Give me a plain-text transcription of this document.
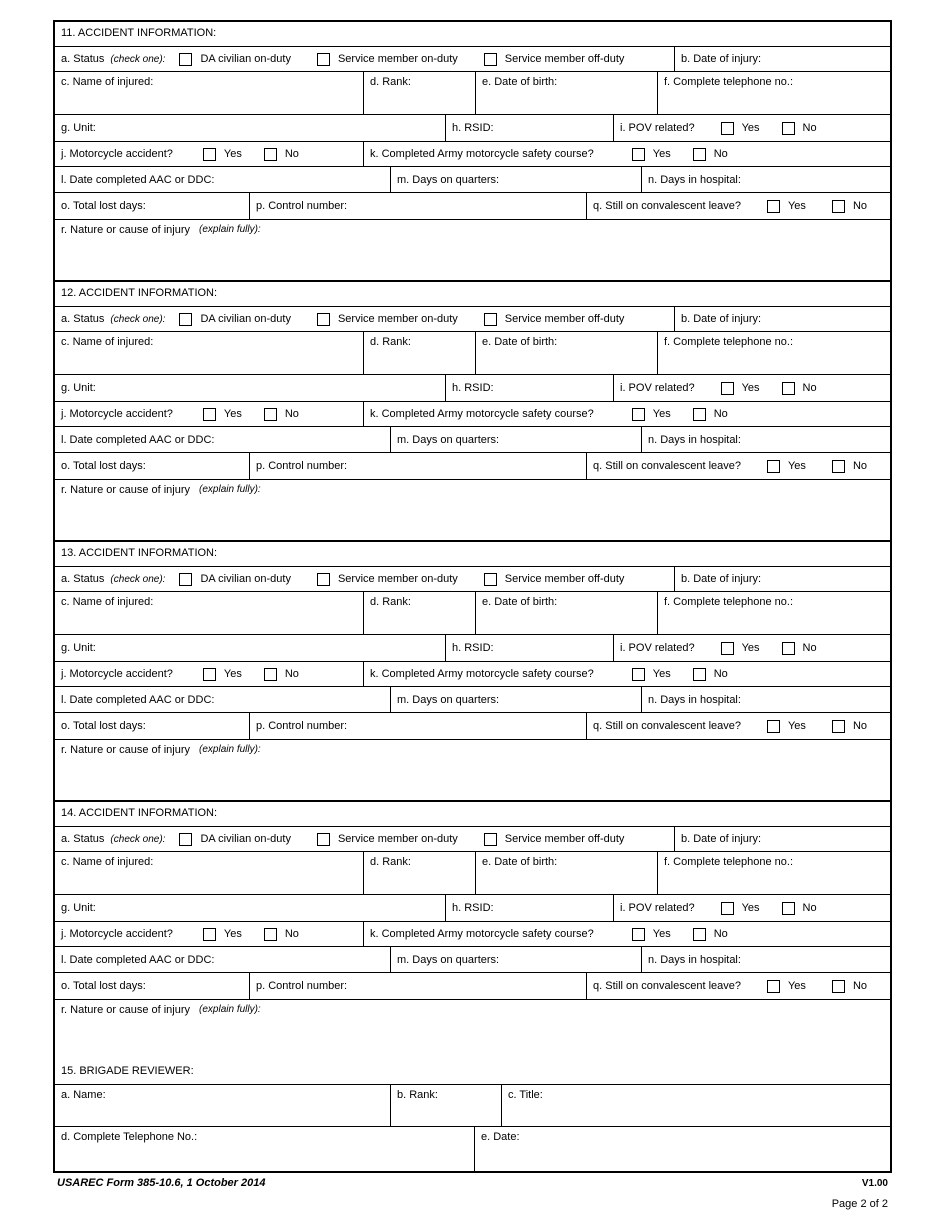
11. ACCIDENT INFORMATION:
a. Status (check one):	DA civilian on-duty	Service member on-duty	Service member off-duty	b. Date of injury:
c. Name of injured:	d. Rank:	e. Date of birth:	f. Complete telephone no.:
g. Unit:	h. RSID:	i. POV related?	Yes	No
j. Motorcycle accident?	Yes	No	k. Completed Army motorcycle safety course?	Yes	No
l. Date completed AAC or DDC:	m. Days on quarters:	n. Days in hospital:
o. Total lost days:	p. Control number:	q. Still on convalescent leave?	Yes	No
r. Nature or cause of injury (explain fully):
12. ACCIDENT INFORMATION:
a. Status (check one):	DA civilian on-duty	Service member on-duty	Service member off-duty	b. Date of injury:
c. Name of injured:	d. Rank:	e. Date of birth:	f. Complete telephone no.:
g. Unit:	h. RSID:	i. POV related?	Yes	No
j. Motorcycle accident?	Yes	No	k. Completed Army motorcycle safety course?	Yes	No
l. Date completed AAC or DDC:	m. Days on quarters:	n. Days in hospital:
o. Total lost days:	p. Control number:	q. Still on convalescent leave?	Yes	No
r. Nature or cause of injury (explain fully):
13. ACCIDENT INFORMATION:
a. Status (check one):	DA civilian on-duty	Service member on-duty	Service member off-duty	b. Date of injury:
c. Name of injured:	d. Rank:	e. Date of birth:	f. Complete telephone no.:
g. Unit:	h. RSID:	i. POV related?	Yes	No
j. Motorcycle accident?	Yes	No	k. Completed Army motorcycle safety course?	Yes	No
l. Date completed AAC or DDC:	m. Days on quarters:	n. Days in hospital:
o. Total lost days:	p. Control number:	q. Still on convalescent leave?	Yes	No
r. Nature or cause of injury (explain fully):
14. ACCIDENT INFORMATION:
a. Status (check one):	DA civilian on-duty	Service member on-duty	Service member off-duty	b. Date of injury:
c. Name of injured:	d. Rank:	e. Date of birth:	f. Complete telephone no.:
g. Unit:	h. RSID:	i. POV related?	Yes	No
j. Motorcycle accident?	Yes	No	k. Completed Army motorcycle safety course?	Yes	No
l. Date completed AAC or DDC:	m. Days on quarters:	n. Days in hospital:
o. Total lost days:	p. Control number:	q. Still on convalescent leave?	Yes	No
r. Nature or cause of injury (explain fully):
15. BRIGADE REVIEWER:
a. Name:	b. Rank:	c. Title:
d. Complete Telephone No.:	e. Date:
USAREC Form 385-10.6, 1 October 2014	V1.00
Page 2 of 2
